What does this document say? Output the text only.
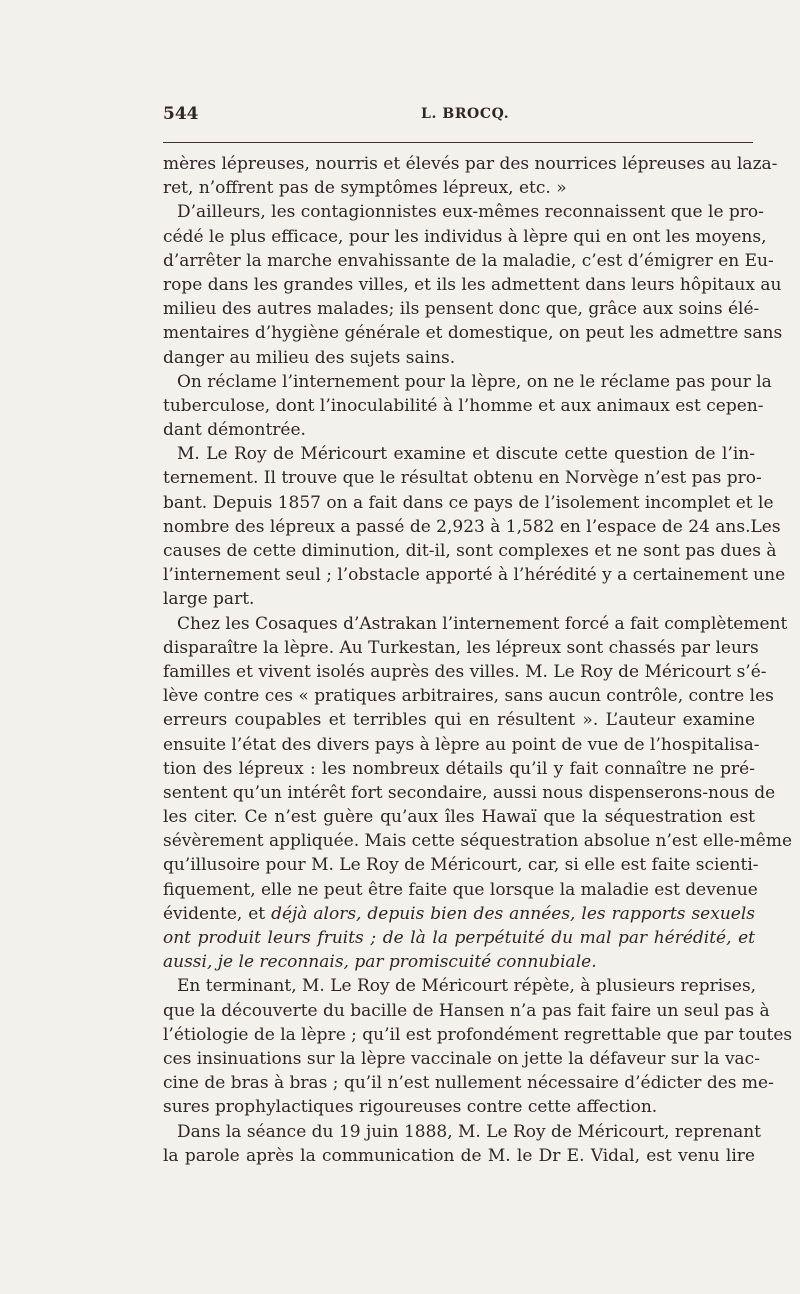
544	L. BROCQ.
mères lépreuses, nourris et élevés par des nourrices lépreuses au laza-
ret, n’offrent pas de symptômes lépreux, etc. »
D’ailleurs, les contagionnistes eux-mêmes reconnaissent que le pro-
cédé le plus efficace, pour les individus à lèpre qui en ont les moyens,
d’arrêter la marche envahissante de la maladie, c’est d’émigrer en Eu-
rope dans les grandes villes, et ils les admettent dans leurs hôpitaux au
milieu des autres malades; ils pensent donc que, grâce aux soins élé-
mentaires d’hygiène générale et domestique, on peut les admettre sans
danger au milieu des sujets sains.
On réclame l’internement pour la lèpre, on ne le réclame pas pour la
tuberculose, dont l’inoculabilité à l’homme et aux animaux est cepen-
dant démontrée.
M. Le Roy de Méricourt examine et discute cette question de l’in-
ternement. Il trouve que le résultat obtenu en Norvège n’est pas pro-
bant. Depuis 1857 on a fait dans ce pays de l’isolement incomplet et le
nombre des lépreux a passé de 2,923 à 1,582 en l’espace de 24 ans.Les
causes de cette diminution, dit-il, sont complexes et ne sont pas dues à
l’internement seul ; l’obstacle apporté à l’hérédité y a certainement une
large part.
Chez les Cosaques d’Astrakan l’internement forcé a fait complètement
disparaître la lèpre. Au Turkestan, les lépreux sont chassés par leurs
familles et vivent isolés auprès des villes. M. Le Roy de Méricourt s’é-
lève contre ces « pratiques arbitraires, sans aucun contrôle, contre les
erreurs coupables et terribles qui en résultent ». L’auteur examine
ensuite l’état des divers pays à lèpre au point de vue de l’hospitalisa-
tion des lépreux : les nombreux détails qu’il y fait connaître ne pré-
sentent qu’un intérêt fort secondaire, aussi nous dispenserons-nous de
les citer. Ce n’est guère qu’aux îles Hawaï que la séquestration est
sévèrement appliquée. Mais cette séquestration absolue n’est elle-même
qu’illusoire pour M. Le Roy de Méricourt, car, si elle est faite scienti-
fiquement, elle ne peut être faite que lorsque la maladie est devenue
évidente, et déjà alors, depuis bien des années, les rapports sexuels
ont produit leurs fruits ; de là la perpétuité du mal par hérédité, et
aussi, je le reconnais, par promiscuité connubiale.
En terminant, M. Le Roy de Méricourt répète, à plusieurs reprises,
que la découverte du bacille de Hansen n’a pas fait faire un seul pas à
l’étiologie de la lèpre ; qu’il est profondément regrettable que par toutes
ces insinuations sur la lèpre vaccinale on jette la défaveur sur la vac-
cine de bras à bras ; qu’il n’est nullement nécessaire d’édicter des me-
sures prophylactiques rigoureuses contre cette affection.
Dans la séance du 19 juin 1888, M. Le Roy de Méricourt, reprenant
la parole après la communication de M. le Dr E. Vidal, est venu lire
